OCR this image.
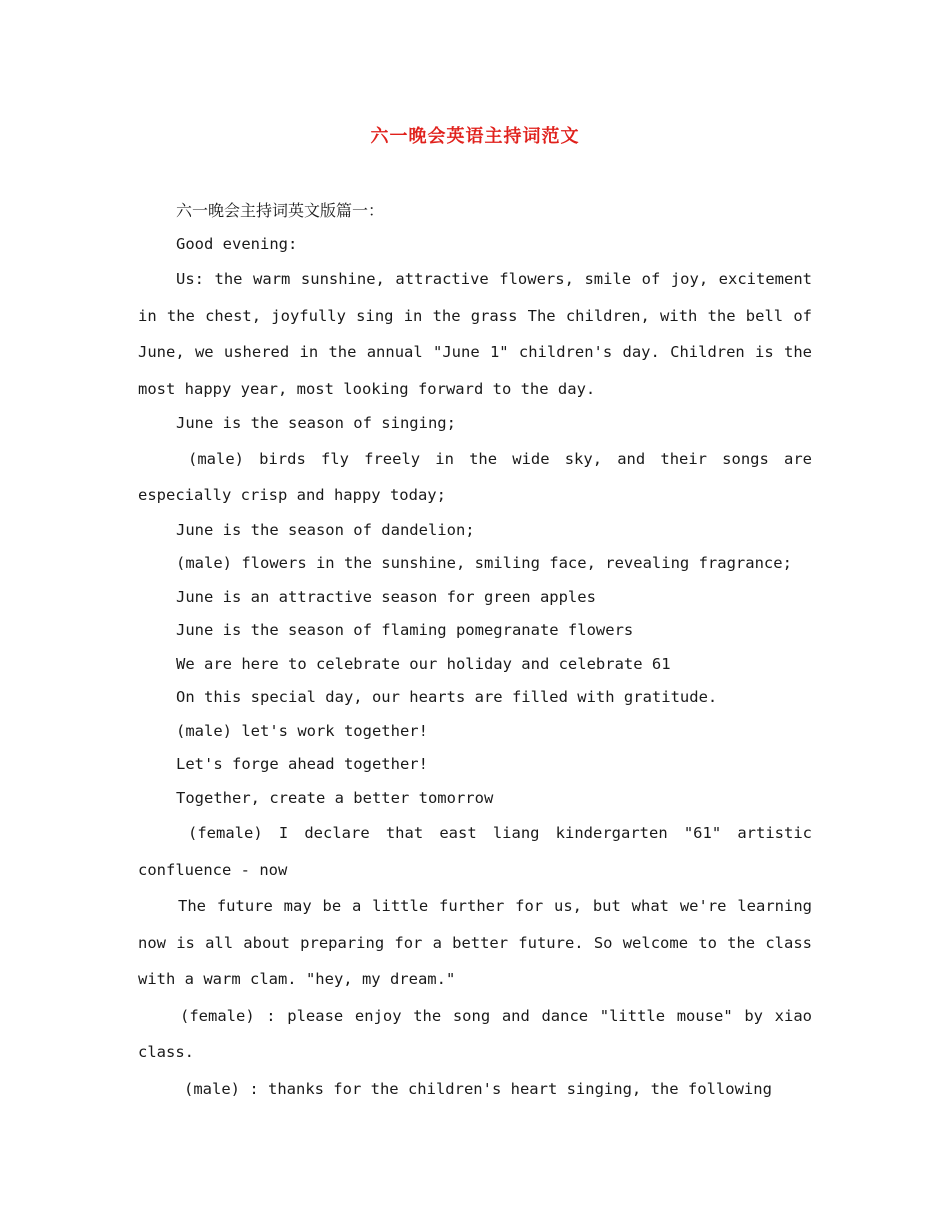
六一晚会英语主持词范文

六一晚会主持词英文版篇一：

Good evening:

Us: the warm sunshine, attractive flowers, smile of joy, excitement in the chest, joyfully sing in the grass The children, with the bell of June, we ushered in the annual "June 1" children's day. Children is the most happy year, most looking forward to the day.

June is the season of singing;

(male) birds fly freely in the wide sky, and their songs are especially crisp and happy today;

June is the season of dandelion;

(male) flowers in the sunshine, smiling face, revealing fragrance;

June is an attractive season for green apples

June is the season of flaming pomegranate flowers

We are here to celebrate our holiday and celebrate 61

On this special day, our hearts are filled with gratitude.

(male) let's work together!

Let's forge ahead together!

Together, create a better tomorrow

(female) I declare that east liang kindergarten "61" artistic confluence - now

The future may be a little further for us, but what we're learning now is all about preparing for a better future. So welcome to the class with a warm clam. "hey, my dream."

(female) : please enjoy the song and dance "little mouse" by xiao class.

(male) : thanks for the children's heart singing, the following
